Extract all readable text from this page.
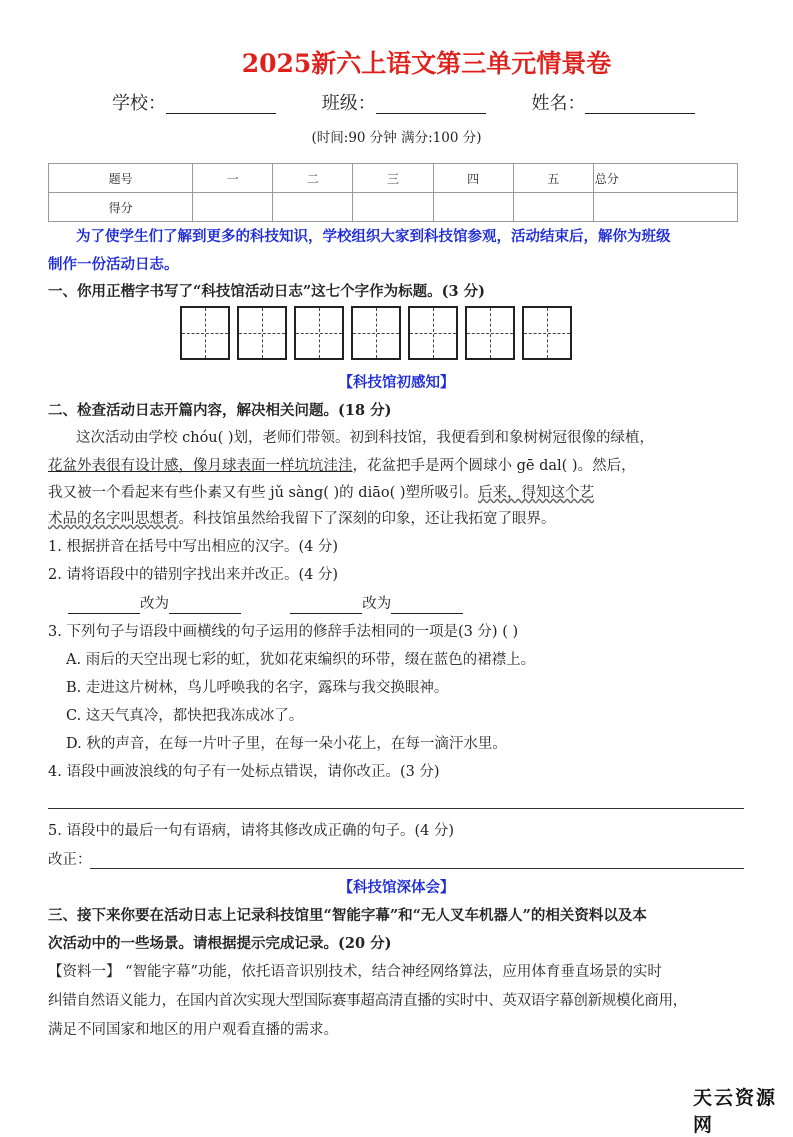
2025新六上语文第三单元情景卷
学校：	班级：	姓名：
(时间:90 分钟 满分:100 分)
题号	一	二	三	四	五	总分
得分						
为了使学生们了解到更多的科技知识，学校组织大家到科技馆参观，活动结束后，解你为班级
制作一份活动日志。
一、你用正楷字书写了“科技馆活动日志”这七个字作为标题。(3 分)
【科技馆初感知】
二、检查活动日志开篇内容，解决相关问题。(18 分)
这次活动由学校 chóu( )划，老师们带领。初到科技馆，我便看到和象树树冠很像的绿植，
花盆外表很有设计感，像月球表面一样坑坑洼洼，花盆把手是两个圆球小 gē dal( )。然后，
我又被一个看起来有些仆素又有些 jǔ sàng( )的 diāo( )塑所吸引。后来，得知这个艺
术品的名字叫思想者。科技馆虽然给我留下了深刻的印象，还让我拓宽了眼界。
1. 根据拼音在括号中写出相应的汉字。(4 分)
2. 请将语段中的错别字找出来并改正。(4 分)
改为	改为
3. 下列句子与语段中画横线的句子运用的修辞手法相同的一项是(3 分) ( )
A. 雨后的天空出现七彩的虹，犹如花束编织的环带，缀在蓝色的裙襟上。
B. 走进这片树林，鸟儿呼唤我的名字，露珠与我交换眼神。
C. 这天气真冷，都快把我冻成冰了。
D. 秋的声音，在每一片叶子里，在每一朵小花上，在每一滴汗水里。
4. 语段中画波浪线的句子有一处标点错误，请你改正。(3 分)
5. 语段中的最后一句有语病，请将其修改成正确的句子。(4 分)
改正：
【科技馆深体会】
三、接下来你要在活动日志上记录科技馆里“智能字幕”和“无人叉车机器人”的相关资料以及本
次活动中的一些场景。请根据提示完成记录。(20 分)
【资料一】 “智能字幕”功能，依托语音识别技术，结合神经网络算法，应用体育垂直场景的实时
纠错自然语义能力，在国内首次实现大型国际赛事超高清直播的实时中、英双语字幕创新规模化商用，
满足不同国家和地区的用户观看直播的需求。
天云资源网
